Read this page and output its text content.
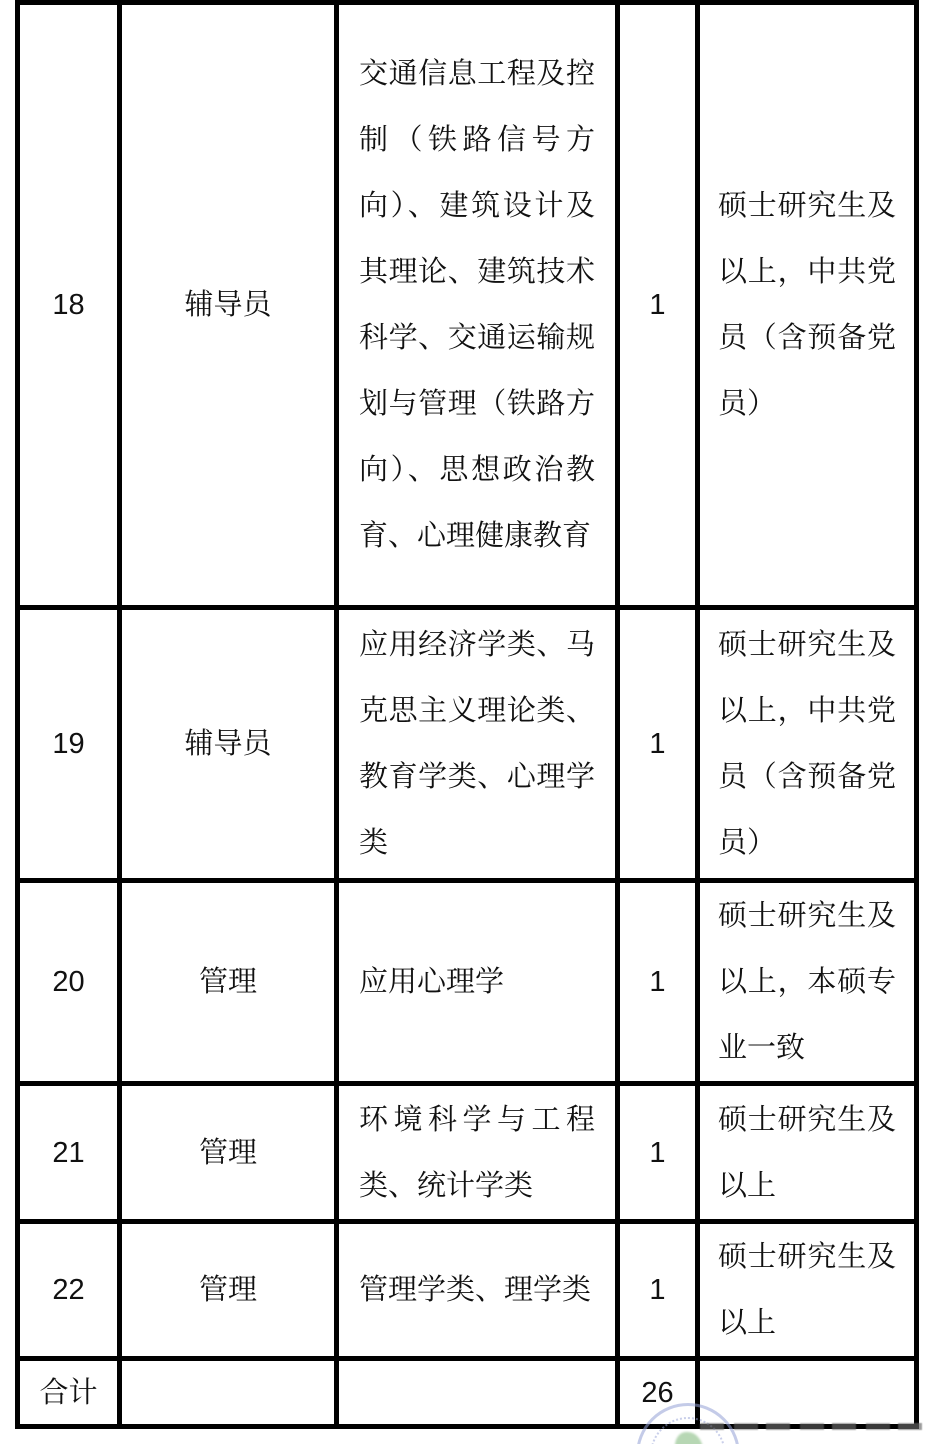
18	辅导员	交通信息工程及控制（铁路信号方向）、建筑设计及其理论、建筑技术科学、交通运输规划与管理（铁路方向）、思想政治教育、心理健康教育	1	硕士研究生及以上，中共党员（含预备党员）

19	辅导员	应用经济学类、马克思主义理论类、教育学类、心理学类	1	硕士研究生及以上，中共党员（含预备党员）

20	管理	应用心理学	1	硕士研究生及以上，本硕专业一致

21	管理	环境科学与工程类、统计学类	1	硕士研究生及以上

22	管理	管理学类、理学类	1	硕士研究生及以上

合计			26	
